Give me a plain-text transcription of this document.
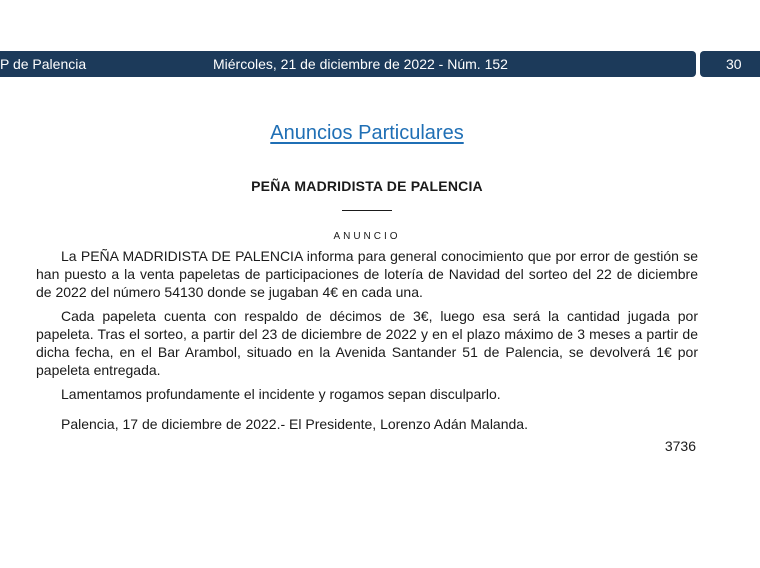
P de Palencia	Miércoles, 21 de diciembre de 2022 - Núm. 152	30
Anuncios Particulares
PEÑA MADRIDISTA DE PALENCIA
ANUNCIO

La PEÑA MADRIDISTA DE PALENCIA informa para general conocimiento que por error de gestión se han puesto a la venta papeletas de participaciones de lotería de Navidad del sorteo del 22 de diciembre de 2022 del número 54130 donde se jugaban 4€ en cada una.

Cada papeleta cuenta con respaldo de décimos de 3€, luego esa será la cantidad jugada por papeleta. Tras el sorteo, a partir del 23 de diciembre de 2022 y en el plazo máximo de 3 meses a partir de dicha fecha, en el Bar Arambol, situado en la Avenida Santander 51 de Palencia, se devolverá 1€ por papeleta entregada.

Lamentamos profundamente el incidente y rogamos sepan disculparlo.

Palencia, 17 de diciembre de 2022.- El Presidente, Lorenzo Adán Malanda.

3736
